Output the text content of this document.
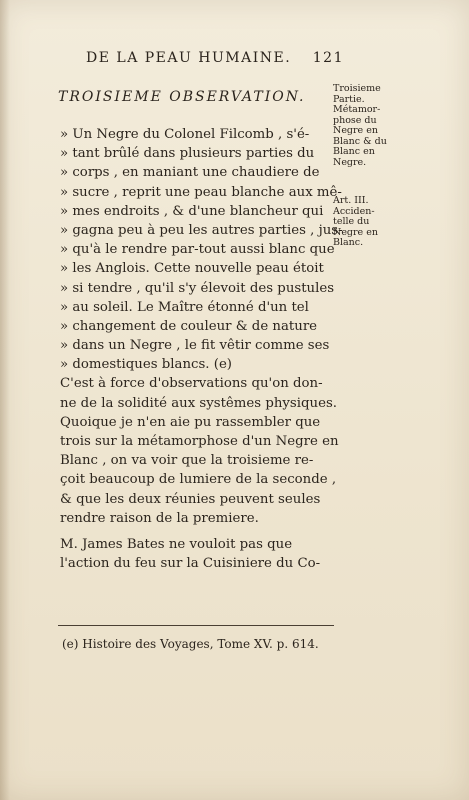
DE LA PEAU HUMAINE. 121
TROISIEME OBSERVATION.
» Un Negre du Colonel Filcomb , s'é-
» tant brûlé dans plusieurs parties du
» corps , en maniant une chaudiere de
» sucre , reprit une peau blanche aux mê-
» mes endroits , & d'une blancheur qui
» gagna peu à peu les autres parties , jus-
» qu'à le rendre par-tout aussi blanc que
» les Anglois. Cette nouvelle peau étoit
» si tendre , qu'il s'y élevoit des pustules
» au soleil. Le Maître étonné d'un tel
» changement de couleur & de nature
» dans un Negre , le fit vêtir comme ses
» domestiques blancs. (e)
C'est à force d'observations qu'on don-
ne de la solidité aux systêmes physiques.
Quoique je n'en aie pu rassembler que
trois sur la métamorphose d'un Negre en
Blanc , on va voir que la troisieme re-
çoit beaucoup de lumiere de la seconde ,
& que les deux réunies peuvent seules
rendre raison de la premiere.
M. James Bates ne vouloit pas que
l'action du feu sur la Cuisiniere du Co-
Troisieme
Partie.
Métamor-
phose du
Negre en
Blanc & du
Blanc en
Negre.
Art. III.
Acciden-
telle du
Negre en
Blanc.
(e) Histoire des Voyages, Tome XV. p. 614.
